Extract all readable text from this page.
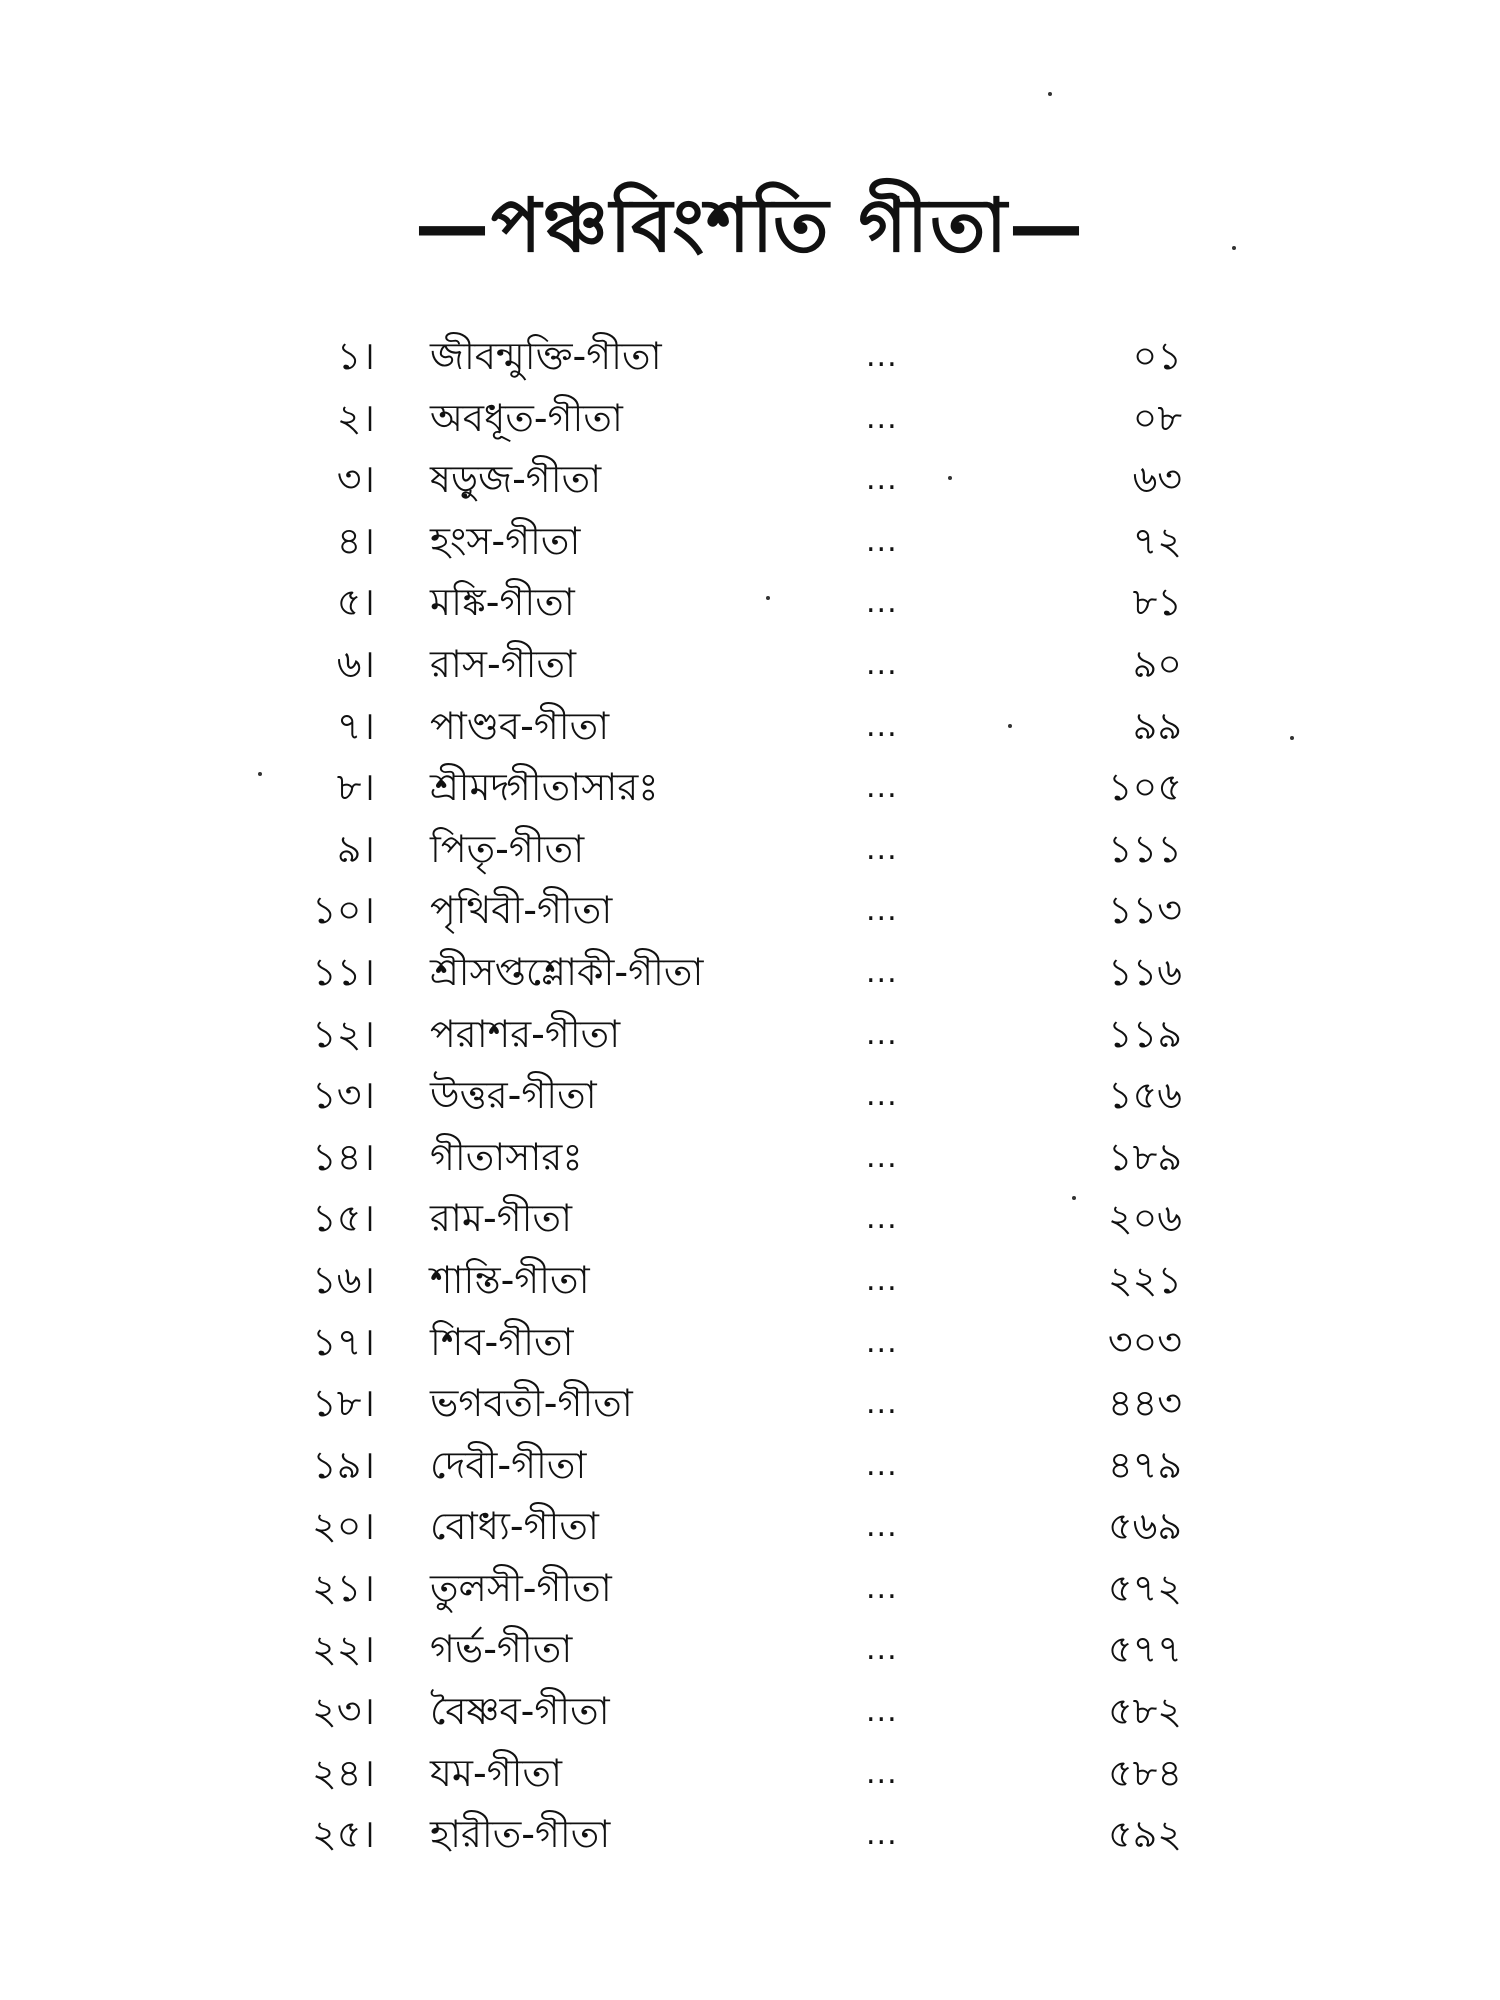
—পঞ্চবিংশতি গীতা—
১। জীবন্মুক্তি-গীতা	...	০১
২। অবধূত-গীতা	...	০৮
৩। ষড়ুজ-গীতা	...	৬৩
৪। হংস-গীতা	...	৭২
৫। মঙ্কি-গীতা	...	৮১
৬। রাস-গীতা	...	৯০
৭। পাণ্ডব-গীতা	...	৯৯
৮। শ্রীমদ্গীতাসারঃ	...	১০৫
৯। পিতৃ-গীতা	...	১১১
১০। পৃথিবী-গীতা	...	১১৩
১১। শ্রীসপ্তশ্লোকী-গীতা	...	১১৬
১২। পরাশর-গীতা	...	১১৯
১৩। উত্তর-গীতা	...	১৫৬
১৪। গীতাসারঃ	...	১৮৯
১৫। রাম-গীতা	...	২০৬
১৬। শান্তি-গীতা	...	২২১
১৭। শিব-গীতা	...	৩০৩
১৮। ভগবতী-গীতা	...	৪৪৩
১৯। দেবী-গীতা	...	৪৭৯
২০। বোধ্য-গীতা	...	৫৬৯
২১। তুলসী-গীতা	...	৫৭২
২২। গর্ভ-গীতা	...	৫৭৭
২৩। বৈষ্ণব-গীতা	...	৫৮২
২৪। যম-গীতা	...	৫৮৪
২৫। হারীত-গীতা	...	৫৯২
